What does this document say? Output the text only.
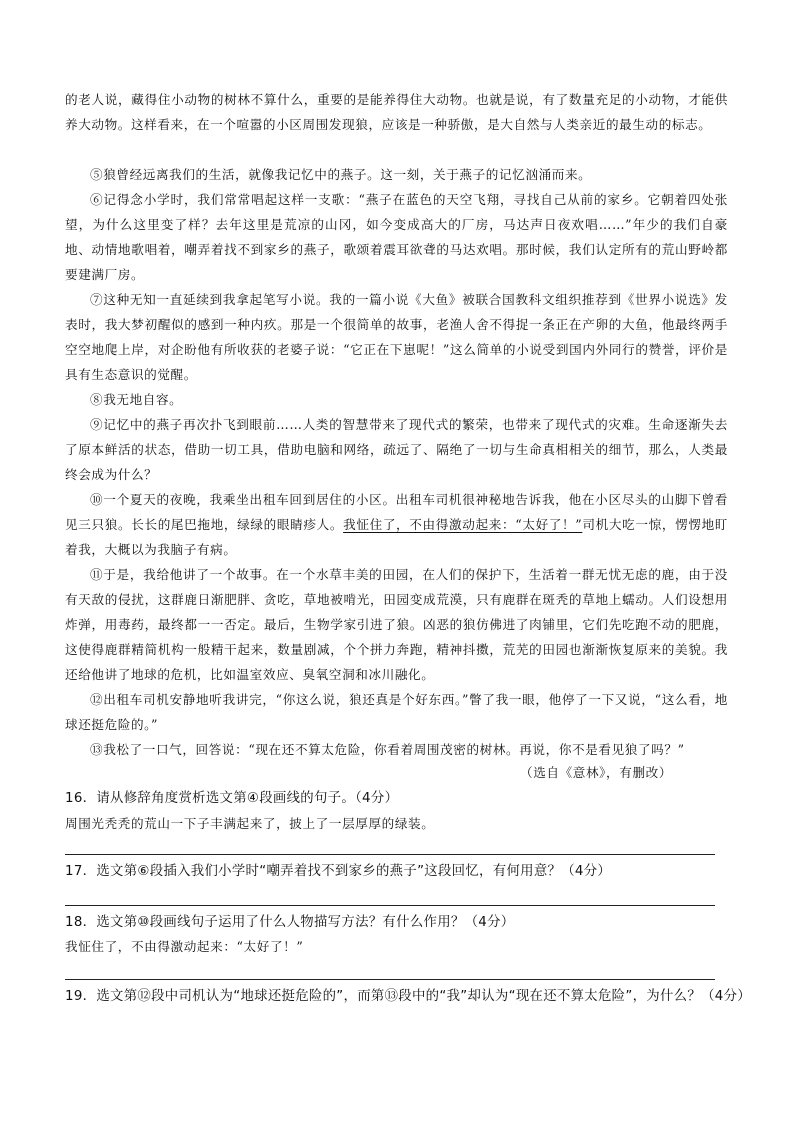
的老人说，藏得住小动物的树林不算什么，重要的是能养得住大动物。也就是说，有了数量充足的小动物，才能供养大动物。这样看来，在一个喧嚣的小区周围发现狼，应该是一种骄傲，是大自然与人类亲近的最生动的标志。

⑤狼曾经远离我们的生活，就像我记忆中的燕子。这一刻，关于燕子的记忆汹涌而来。

⑥记得念小学时，我们常常唱起这样一支歌：“燕子在蓝色的天空飞翔，寻找自己从前的家乡。它朝着四处张望，为什么这里变了样？去年这里是荒凉的山冈，如今变成高大的厂房，马达声日夜欢唱……”年少的我们自豪地、动情地歌唱着，嘲弄着找不到家乡的燕子，歌颂着震耳欲聋的马达欢唱。那时候，我们认定所有的荒山野岭都要建满厂房。

⑦这种无知一直延续到我拿起笔写小说。我的一篇小说《大鱼》被联合国教科文组织推荐到《世界小说选》发表时，我大梦初醒似的感到一种内疚。那是一个很简单的故事，老渔人舍不得捉一条正在产卵的大鱼，他最终两手空空地爬上岸，对企盼他有所收获的老婆子说：“它正在下崽呢！”这么简单的小说受到国内外同行的赞誉，评价是具有生态意识的觉醒。

⑧我无地自容。

⑨记忆中的燕子再次扑飞到眼前……人类的智慧带来了现代式的繁荣，也带来了现代式的灾难。生命逐渐失去了原本鲜活的状态，借助一切工具，借助电脑和网络，疏远了、隔绝了一切与生命真相相关的细节，那么，人类最终会成为什么？

⑩一个夏天的夜晚，我乘坐出租车回到居住的小区。出租车司机很神秘地告诉我，他在小区尽头的山脚下曾看见三只狼。长长的尾巴拖地，绿绿的眼睛疹人。我怔住了，不由得激动起来：“太好了！”司机大吃一惊，愣愣地盯着我，大概以为我脑子有病。

⑪于是，我给他讲了一个故事。在一个水草丰美的田园，在人们的保护下，生活着一群无忧无虑的鹿，由于没有天敌的侵扰，这群鹿日渐肥胖、贪吃，草地被啃光，田园变成荒漠，只有鹿群在斑秃的草地上蠕动。人们设想用炸弹，用毒药，最终都一一否定。最后，生物学家引进了狼。凶恶的狼仿佛进了肉铺里，它们先吃跑不动的肥鹿，这使得鹿群精简机构一般精干起来，数量剧减，个个拼力奔跑，精神抖擞，荒芜的田园也渐渐恢复原来的美貌。我还给他讲了地球的危机，比如温室效应、臭氧空洞和冰川融化。

⑫出租车司机安静地听我讲完，“你这么说，狼还真是个好东西。”瞥了我一眼，他停了一下又说，“这么看，地球还挺危险的。”

⑬我松了一口气，回答说：“现在还不算太危险，你看着周围茂密的树林。再说，你不是看见狼了吗？”

（选自《意林》，有删改）

16．请从修辞角度赏析选文第④段画线的句子。（4分）

周围光秃秃的荒山一下子丰满起来了，披上了一层厚厚的绿装。

17．选文第⑥段插入我们小学时“嘲弄着找不到家乡的燕子”这段回忆，有何用意？（4分）

18．选文第⑩段画线句子运用了什么人物描写方法？有什么作用？（4分）

我怔住了，不由得激动起来：“太好了！”

19．选文第⑫段中司机认为“地球还挺危险的”，而第⑬段中的“我”却认为“现在还不算太危险”，为什么？（4分）
